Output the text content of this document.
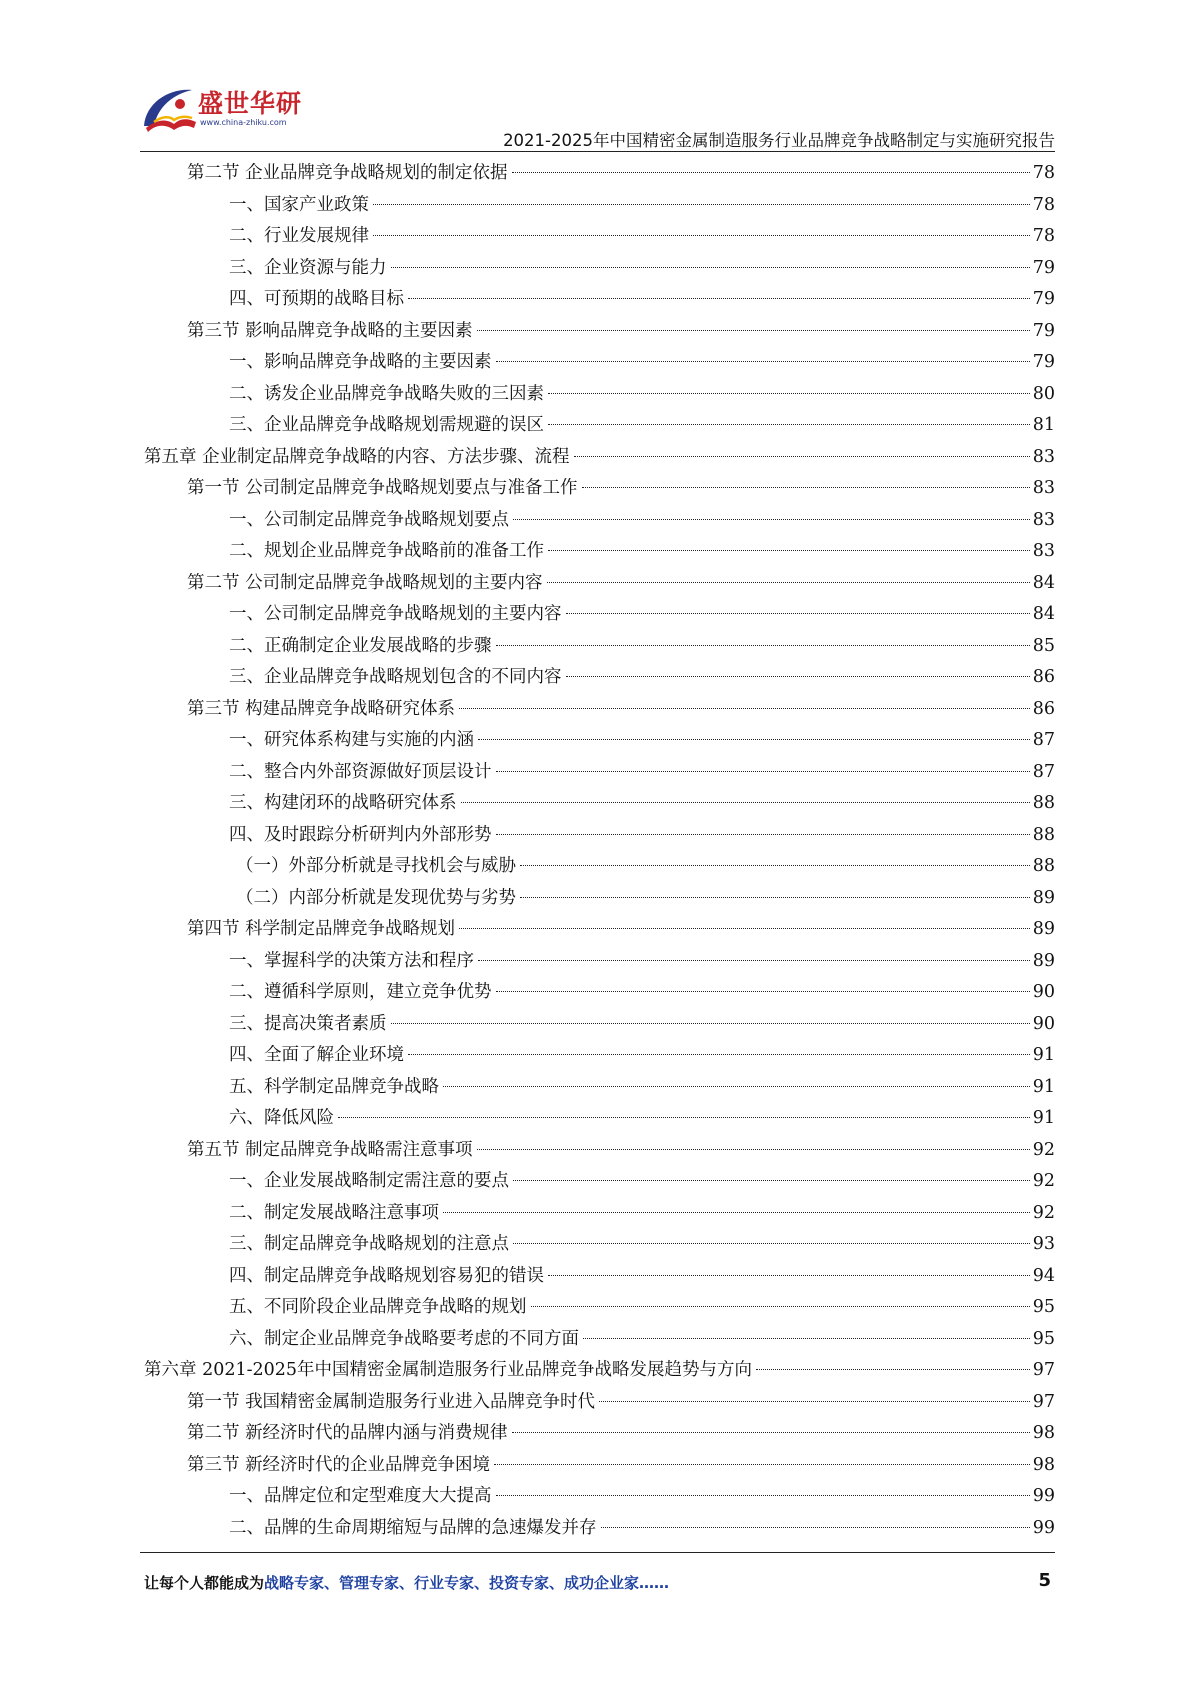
盛世华研
www.china-zhiku.com
2021-2025年中国精密金属制造服务行业品牌竞争战略制定与实施研究报告
第二节 企业品牌竞争战略规划的制定依据	78
一、国家产业政策	78
二、行业发展规律	78
三、企业资源与能力	79
四、可预期的战略目标	79
第三节 影响品牌竞争战略的主要因素	79
一、影响品牌竞争战略的主要因素	79
二、诱发企业品牌竞争战略失败的三因素	80
三、企业品牌竞争战略规划需规避的误区	81
第五章 企业制定品牌竞争战略的内容、方法步骤、流程	83
第一节 公司制定品牌竞争战略规划要点与准备工作	83
一、公司制定品牌竞争战略规划要点	83
二、规划企业品牌竞争战略前的准备工作	83
第二节 公司制定品牌竞争战略规划的主要内容	84
一、公司制定品牌竞争战略规划的主要内容	84
二、正确制定企业发展战略的步骤	85
三、企业品牌竞争战略规划包含的不同内容	86
第三节 构建品牌竞争战略研究体系	86
一、研究体系构建与实施的内涵	87
二、整合内外部资源做好顶层设计	87
三、构建闭环的战略研究体系	88
四、及时跟踪分析研判内外部形势	88
（一）外部分析就是寻找机会与威胁	88
（二）内部分析就是发现优势与劣势	89
第四节 科学制定品牌竞争战略规划	89
一、掌握科学的决策方法和程序	89
二、遵循科学原则，建立竞争优势	90
三、提高决策者素质	90
四、全面了解企业环境	91
五、科学制定品牌竞争战略	91
六、降低风险	91
第五节 制定品牌竞争战略需注意事项	92
一、企业发展战略制定需注意的要点	92
二、制定发展战略注意事项	92
三、制定品牌竞争战略规划的注意点	93
四、制定品牌竞争战略规划容易犯的错误	94
五、不同阶段企业品牌竞争战略的规划	95
六、制定企业品牌竞争战略要考虑的不同方面	95
第六章 2021-2025年中国精密金属制造服务行业品牌竞争战略发展趋势与方向	97
第一节 我国精密金属制造服务行业进入品牌竞争时代	97
第二节 新经济时代的品牌内涵与消费规律	98
第三节 新经济时代的企业品牌竞争困境	98
一、品牌定位和定型难度大大提高	99
二、品牌的生命周期缩短与品牌的急速爆发并存	99
让每个人都能成为战略专家、管理专家、行业专家、投资专家、成功企业家……	5
